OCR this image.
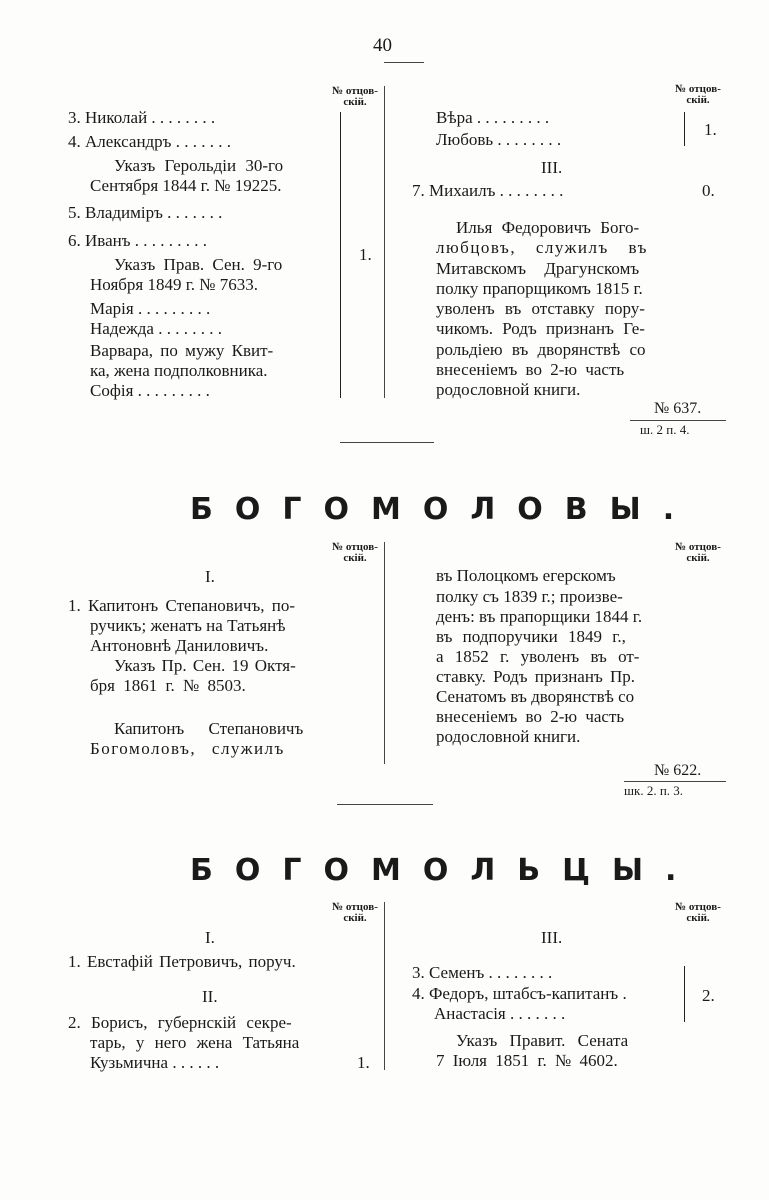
40
№ отцов-скій.
3. Николай . . . . . . . .
4. Александръ . . . . . . .
Указъ Герольдіи 30-го
Сентября 1844 г. № 19225.
5. Владиміръ . . . . . . .
6. Иванъ . . . . . . . . .
Указъ Прав. Сен. 9-го
Ноября 1849 г. № 7633.
Марія . . . . . . . . .
Надежда . . . . . . . .
Варвара, по мужу Квит-
ка, жена подполковника.
Софія . . . . . . . . .
1.
№ отцов-скій.
Вѣра . . . . . . . . .
Любовь . . . . . . . .
1.
III.
7. Михаилъ . . . . . . . .	0.
Илья Федоровичъ Бого-
любцовъ, служилъ въ
Митавскомъ Драгунскомъ
полку прапорщикомъ 1815 г.
уволенъ въ отставку пору-
чикомъ. Родъ признанъ Ге-
рольдіею въ дворянствѣ со
внесеніемъ во 2-ю часть
родословной книги.
№ 637.
ш. 2 п. 4.
БОГОМОЛОВЫ.
№ отцов-скій.
№ отцов-скій.
I.
1. Капитонъ Степановичъ, по-
ручикъ; женатъ на Татьянѣ
Антоновнѣ Даниловичъ.
Указъ Пр. Сен. 19 Октя-
бря 1861 г. № 8503.
Капитонъ Степановичъ
Богомоловъ, служилъ
въ Полоцкомъ егерскомъ
полку съ 1839 г.; произве-
денъ: въ прапорщики 1844 г.
въ подпоручики 1849 г.,
а 1852 г. уволенъ въ от-
ставку. Родъ признанъ Пр.
Сенатомъ въ дворянствѣ со
внесеніемъ во 2-ю часть
родословной книги.
№ 622.
шк. 2. п. 3.
БОГОМОЛЬЦЫ.
№ отцов-скій.
№ отцов-скій.
I.
1. Евстафій Петровичъ, поруч.
II.
2. Борисъ, губернскій секре-
тарь, у него жена Татьяна
Кузьмична . . . . . .	1.
III.
3. Семенъ . . . . . . . .
4. Федоръ, штабсъ-капитанъ .
Анастасія . . . . . . .
2.
Указъ Правит. Сената
7 Іюля 1851 г. № 4602.
